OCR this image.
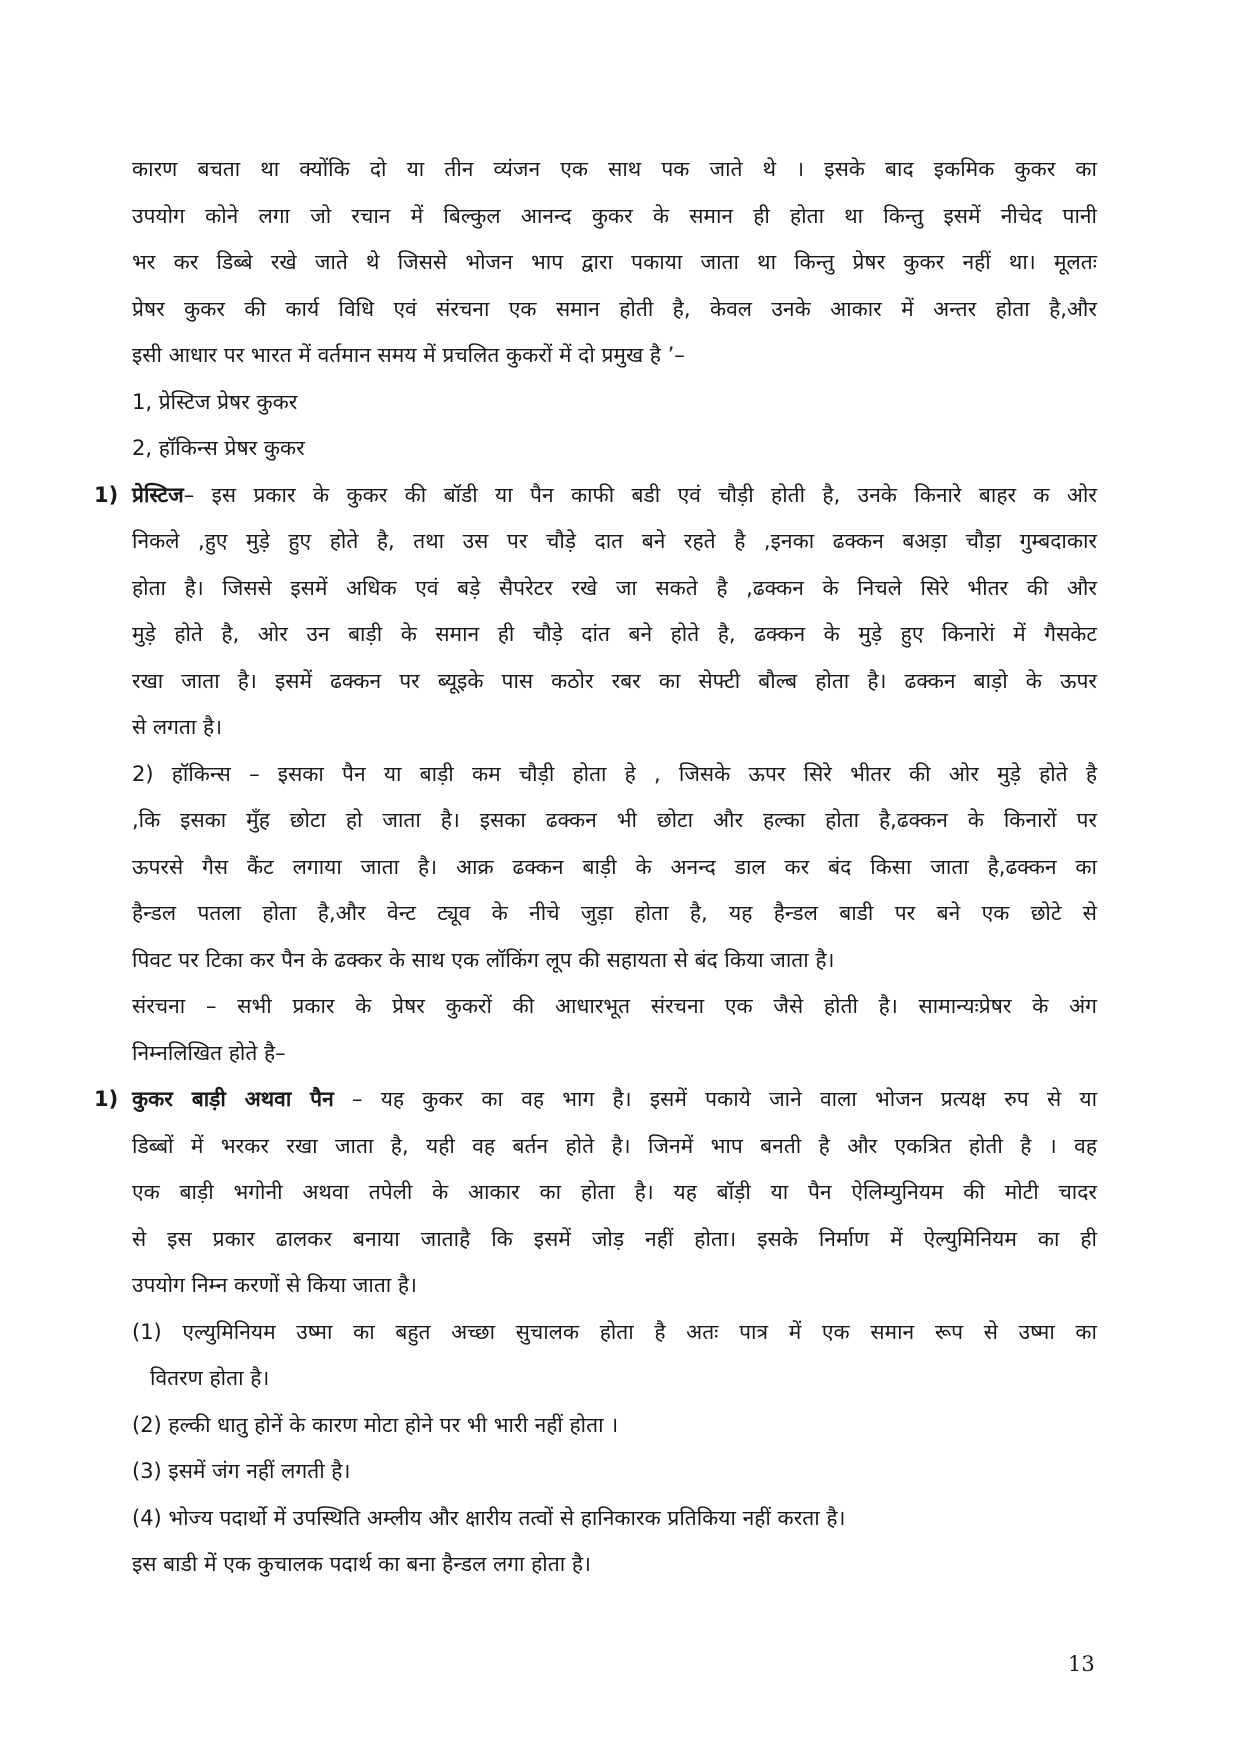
कारण बचता था क्योंकि दो या तीन व्यंजन एक साथ पक जाते थे । इसके बाद इकमिक कुकर का
उपयोग कोने लगा जो रचान में बिल्कुल आनन्द कुकर के समान ही होता था किन्तु इसमें नीचेद पानी
भर कर डिब्बे रखे जाते थे जिससे भोजन भाप द्वारा पकाया जाता था किन्तु प्रेषर कुकर नहीं था। मूलतः
प्रेषर कुकर की कार्य विधि एवं संरचना एक समान होती है, केवल उनके आकार में अन्तर होता है,और
इसी आधार पर भारत में वर्तमान समय में प्रचलित कुकरों में दो प्रमुख है ’–
1, प्रेस्टिज प्रेषर कुकर
2, हॉकिन्स प्रेषर कुकर
1) प्रेस्टिज– इस प्रकार के कुकर की बॉडी या पैन काफी बडी एवं चौड़ी होती है, उनके किनारे बाहर क ओर
निकले ,हुए मुड़े हुए होते है, तथा उस पर चौड़े दात बने रहते है ,इनका ढक्कन बअड़ा चौड़ा गुम्बदाकार
होता है। जिससे इसमें अधिक एवं बड़े सैपरेटर रखे जा सकते है ,ढक्कन के निचले सिरे भीतर की और
मुड़े होते है, ओर उन बाड़ी के समान ही चौड़े दांत बने होते है, ढक्कन के मुड़े हुए किनारेां में गैसकेट
रखा जाता है। इसमें ढक्कन पर ब्यूइके पास कठोर रबर का सेफ्टी बौल्ब होता है। ढक्कन बाड़ो के ऊपर
से लगता है।
2) हॉकिन्स – इसका पैन या बाड़ी कम चौड़ी होता हे , जिसके ऊपर सिरे भीतर की ओर मुड़े होते है
,कि इसका मुँह छोटा हो जाता है। इसका ढक्कन भी छोटा और हल्का होता है,ढक्कन के किनारों पर
ऊपरसे गैस कैंट लगाया जाता है। आक्र ढक्कन बाड़ी के अनन्द डाल कर बंद किसा जाता है,ढक्कन का
हैन्डल पतला होता है,और वेन्ट ट्यूव के नीचे जुड़ा होता है, यह हैन्डल बाडी पर बने एक छोटे से
पिवट पर टिका कर पैन के ढक्कर के साथ एक लॉकिंग लूप की सहायता से बंद किया जाता है।
संरचना – सभी प्रकार के प्रेषर कुकरों की आधारभूत संरचना एक जैसे होती है। सामान्यःप्रेषर के अंग
निम्नलिखित होते है–
1) कुकर बाड़ी अथवा पैन – यह कुकर का वह भाग है। इसमें पकाये जाने वाला भोजन प्रत्यक्ष रुप से या
डिब्बों में भरकर रखा जाता है, यही वह बर्तन होते है। जिनमें भाप बनती है और एकत्रित होती है । वह
एक बाड़ी भगोनी अथवा तपेली के आकार का होता है। यह बॉड़ी या पैन ऐलिम्युनियम की मोटी चादर
से इस प्रकार ढालकर बनाया जाताहै कि इसमें जोड़ नहीं होता। इसके निर्माण में ऐल्युमिनियम का ही
उपयोग निम्न करणों से किया जाता है।
(1) एल्युमिनियम उष्मा का बहुत अच्छा सुचालक होता है अतः पात्र में एक समान रूप से उष्मा का
वितरण होता है।
(2) हल्की धातु होनें के कारण मोटा होने पर भी भारी नहीं होता ।
(3) इसमें जंग नहीं लगती है।
(4) भोज्य पदार्थो में उपस्थिति अम्लीय और क्षारीय तत्वों से हानिकारक प्रतिकिया नहीं करता है।
इस बाडी में एक कुचालक पदार्थ का बना हैन्डल लगा होता है।
13
